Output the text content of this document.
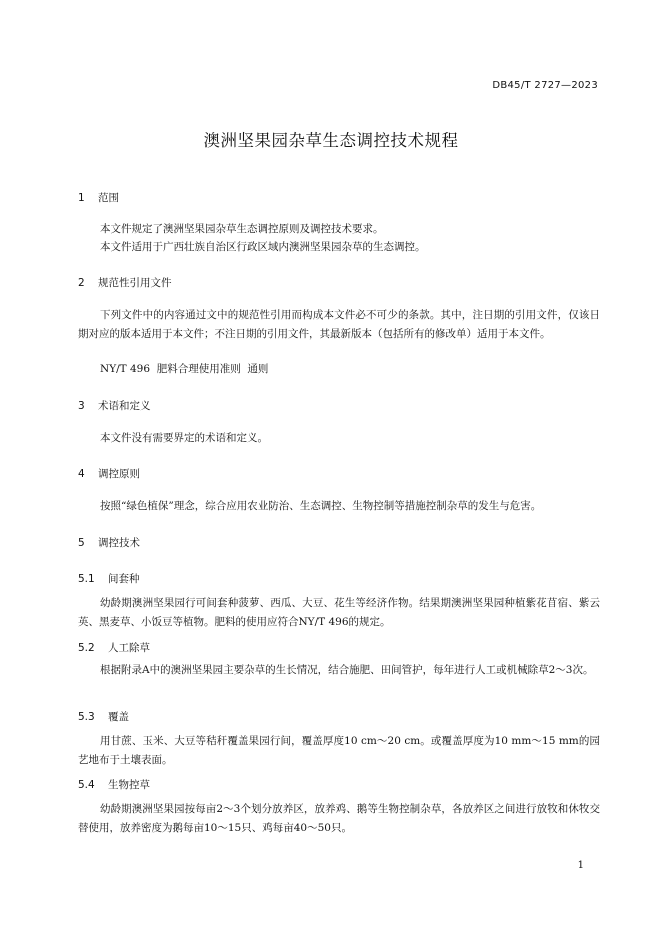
DB45/T 2727—2023
澳洲坚果园杂草生态调控技术规程
1 范围
本文件规定了澳洲坚果园杂草生态调控原则及调控技术要求。
本文件适用于广西壮族自治区行政区域内澳洲坚果园杂草的生态调控。
2 规范性引用文件
下列文件中的内容通过文中的规范性引用而构成本文件必不可少的条款。其中，注日期的引用文件，仅该日期对应的版本适用于本文件；不注日期的引用文件，其最新版本（包括所有的修改单）适用于本文件。
NY/T 496  肥料合理使用准则  通则
3 术语和定义
本文件没有需要界定的术语和定义。
4 调控原则
按照“绿色植保”理念，综合应用农业防治、生态调控、生物控制等措施控制杂草的发生与危害。
5 调控技术
5.1 间套种
幼龄期澳洲坚果园行可间套种菠萝、西瓜、大豆、花生等经济作物。结果期澳洲坚果园种植紫花苜宿、紫云英、黑麦草、小饭豆等植物。肥料的使用应符合NY/T 496的规定。
5.2 人工除草
根据附录A中的澳洲坚果园主要杂草的生长情况，结合施肥、田间管护，每年进行人工或机械除草2～3次。
5.3 覆盖
用甘蔗、玉米、大豆等秸秆覆盖果园行间，覆盖厚度10 cm～20 cm。或覆盖厚度为10 mm～15 mm的园艺地布于土壤表面。
5.4 生物控草
幼龄期澳洲坚果园按每亩2～3个划分放养区，放养鸡、鹅等生物控制杂草，各放养区之间进行放牧和休牧交替使用，放养密度为鹅每亩10～15只、鸡每亩40～50只。
1
